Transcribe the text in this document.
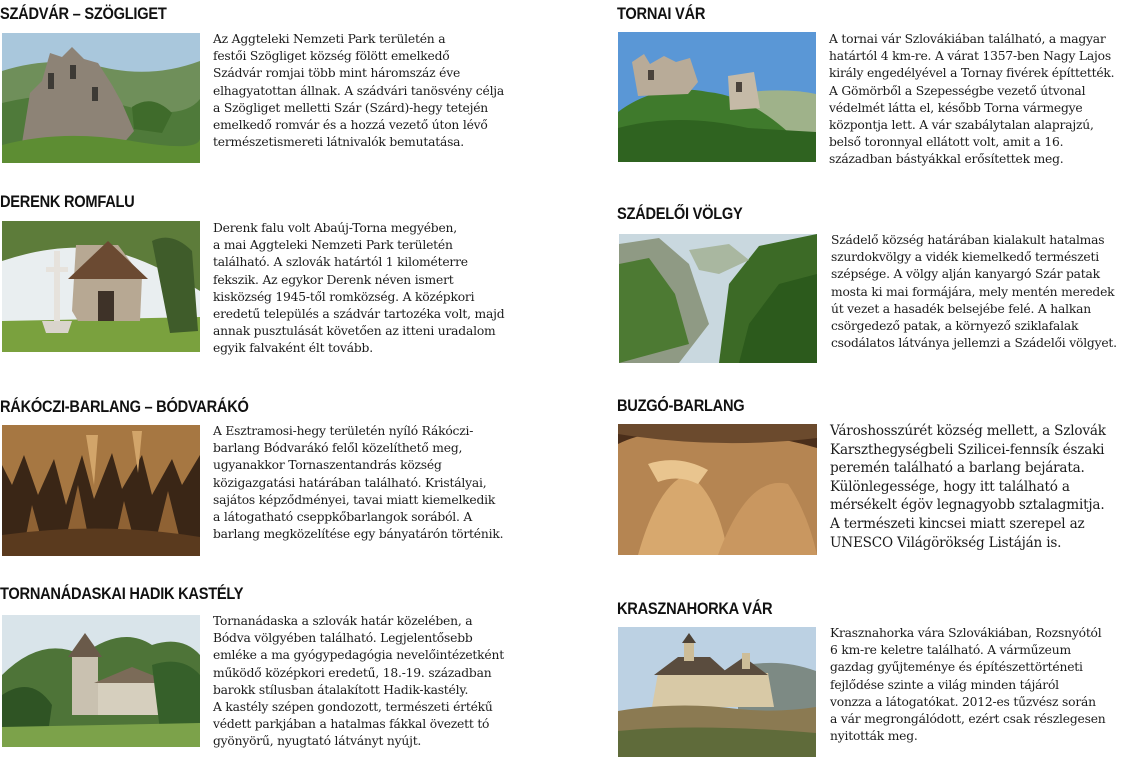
SZÁDVÁR – SZÖGLIGET

Az Aggteleki Nemzeti Park területén a
festői Szögliget község fölött emelkedő
Szádvár romjai több mint háromszáz éve
elhagyatottan állnak. A szádvári tanösvény célja
a Szögliget melletti Szár (Szárd)-hegy tetején
emelkedő romvár és a hozzá vezető úton lévő
természetismereti látnivalók bemutatása.

DERENK ROMFALU

Derenk falu volt Abaúj-Torna megyében,
a mai Aggteleki Nemzeti Park területén
található. A szlovák határtól 1 kilométerre
fekszik. Az egykor Derenk néven ismert
kisközség 1945-től romközség. A középkori
eredetű település a szádvár tartozéka volt, majd
annak pusztulását követően az itteni uradalom
egyik falvaként élt tovább.

RÁKÓCZI-BARLANG – BÓDVARÁKÓ

A Esztramosi-hegy területén nyíló Rákóczi-
barlang Bódvarákó felől közelíthető meg,
ugyanakkor Tornaszentandrás község
közigazgatási határában található. Kristályai,
sajátos képződményei, tavai miatt kiemelkedik
a látogatható cseppkőbarlangok sorából. A
barlang megközelítése egy bányatárón történik.

TORNANÁDASKAI HADIK KASTÉLY

Tornanádaska a szlovák határ közelében, a
Bódva völgyében található. Legjelentősebb
emléke a ma gyógypedagógia nevelőintézetként
működő középkori eredetű, 18.-19. században
barokk stílusban átalakított Hadik-kastély.
A kastély szépen gondozott, természeti értékű
védett parkjában a hatalmas fákkal övezett tó
gyönyörű, nyugtató látványt nyújt.

TORNAI VÁR

A tornai vár Szlovákiában található, a magyar
határtól 4 km-re. A várat 1357-ben Nagy Lajos
király engedélyével a Tornay fivérek építtették.
A Gömörből a Szepességbe vezető útvonal
védelmét látta el, később Torna vármegye
központja lett. A vár szabálytalan alaprajzú,
belső toronnyal ellátott volt, amit a 16.
században bástyákkal erősítettek meg.

SZÁDELŐI VÖLGY

Szádelő község határában kialakult hatalmas
szurdokvölgy a vidék kiemelkedő természeti
szépsége. A völgy alján kanyargó Szár patak
mosta ki mai formájára, mely mentén meredek
út vezet a hasadék belsejébe felé. A halkan
csörgedező patak, a környező sziklafalak
csodálatos látványa jellemzi a Szádelői völgyet.

BUZGÓ-BARLANG

Városhosszúrét község mellett, a Szlovák
Karszthegységbeli Szilicei-fennsík északi
peremén található a barlang bejárata.
Különlegessége, hogy itt található a
mérsékelt égöv legnagyobb sztalagmitja.
A természeti kincsei miatt szerepel az
UNESCO Világörökség Listáján is.

KRASZNAHORKA VÁR

Krasznahorka vára Szlovákiában, Rozsnyótól
6 km-re keletre található. A várműzeum
gazdag gyűjteménye és építészettörténeti
fejlődése szinte a világ minden tájáról
vonzza a látogatókat. 2012-es tűzvész során
a vár megrongálódott, ezért csak részlegesen
nyitották meg.
